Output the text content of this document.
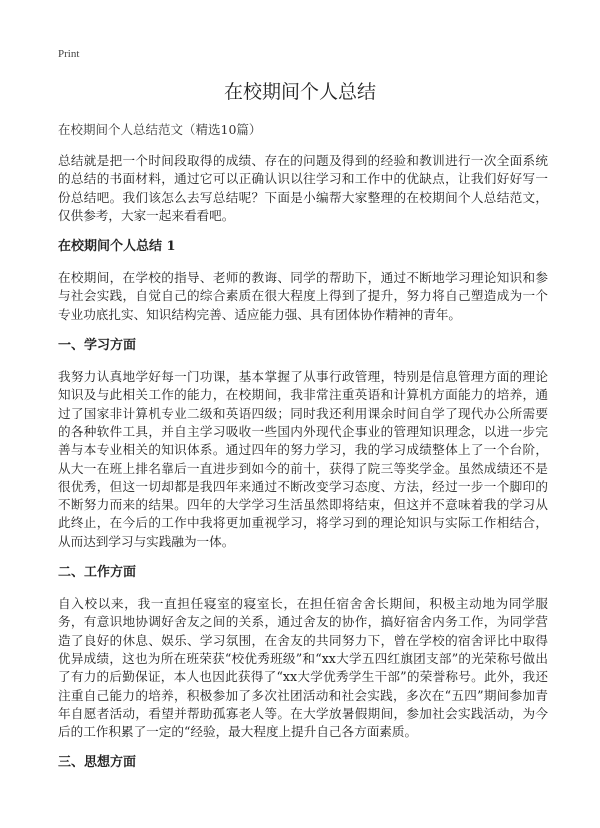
Print
在校期间个人总结

在校期间个人总结范文（精选10篇）

总结就是把一个时间段取得的成绩、存在的问题及得到的经验和教训进行一次全面系统的总结的书面材料，通过它可以正确认识以往学习和工作中的优缺点，让我们好好写一份总结吧。我们该怎么去写总结呢？下面是小编帮大家整理的在校期间个人总结范文，仅供参考，大家一起来看看吧。

在校期间个人总结 1

在校期间，在学校的指导、老师的教诲、同学的帮助下，通过不断地学习理论知识和参与社会实践，自觉自己的综合素质在很大程度上得到了提升，努力将自己塑造成为一个专业功底扎实、知识结构完善、适应能力强、具有团体协作精神的青年。

一、学习方面

我努力认真地学好每一门功课，基本掌握了从事行政管理，特别是信息管理方面的理论知识及与此相关工作的能力，在校期间，我非常注重英语和计算机方面能力的培养，通过了国家非计算机专业二级和英语四级；同时我还利用课余时间自学了现代办公所需要的各种软件工具，并自主学习吸收一些国内外现代企事业的管理知识理念，以进一步完善与本专业相关的知识体系。通过四年的努力学习，我的学习成绩整体上了一个台阶，从大一在班上排名靠后一直进步到如今的前十，获得了院三等奖学金。虽然成绩还不是很优秀，但这一切却都是我四年来通过不断改变学习态度、方法，经过一步一个脚印的不断努力而来的结果。四年的大学学习生活虽然即将结束，但这并不意味着我的学习从此终止，在今后的工作中我将更加重视学习，将学习到的理论知识与实际工作相结合，从而达到学习与实践融为一体。

二、工作方面

自入校以来，我一直担任寝室的寝室长，在担任宿舍舍长期间，积极主动地为同学服务，有意识地协调好舍友之间的关系，通过舍友的协作，搞好宿舍内务工作，为同学营造了良好的休息、娱乐、学习氛围，在舍友的共同努力下，曾在学校的宿舍评比中取得优异成绩，这也为所在班荣获“校优秀班级”和“xx大学五四红旗团支部”的光荣称号做出了有力的后勤保证，本人也因此获得了“xx大学优秀学生干部”的荣誉称号。此外，我还注重自己能力的培养，积极参加了多次社团活动和社会实践，多次在“五四”期间参加青年自愿者活动，看望并帮助孤寡老人等。在大学放暑假期间，参加社会实践活动，为今后的工作积累了一定的“经验，最大程度上提升自己各方面素质。

三、思想方面
